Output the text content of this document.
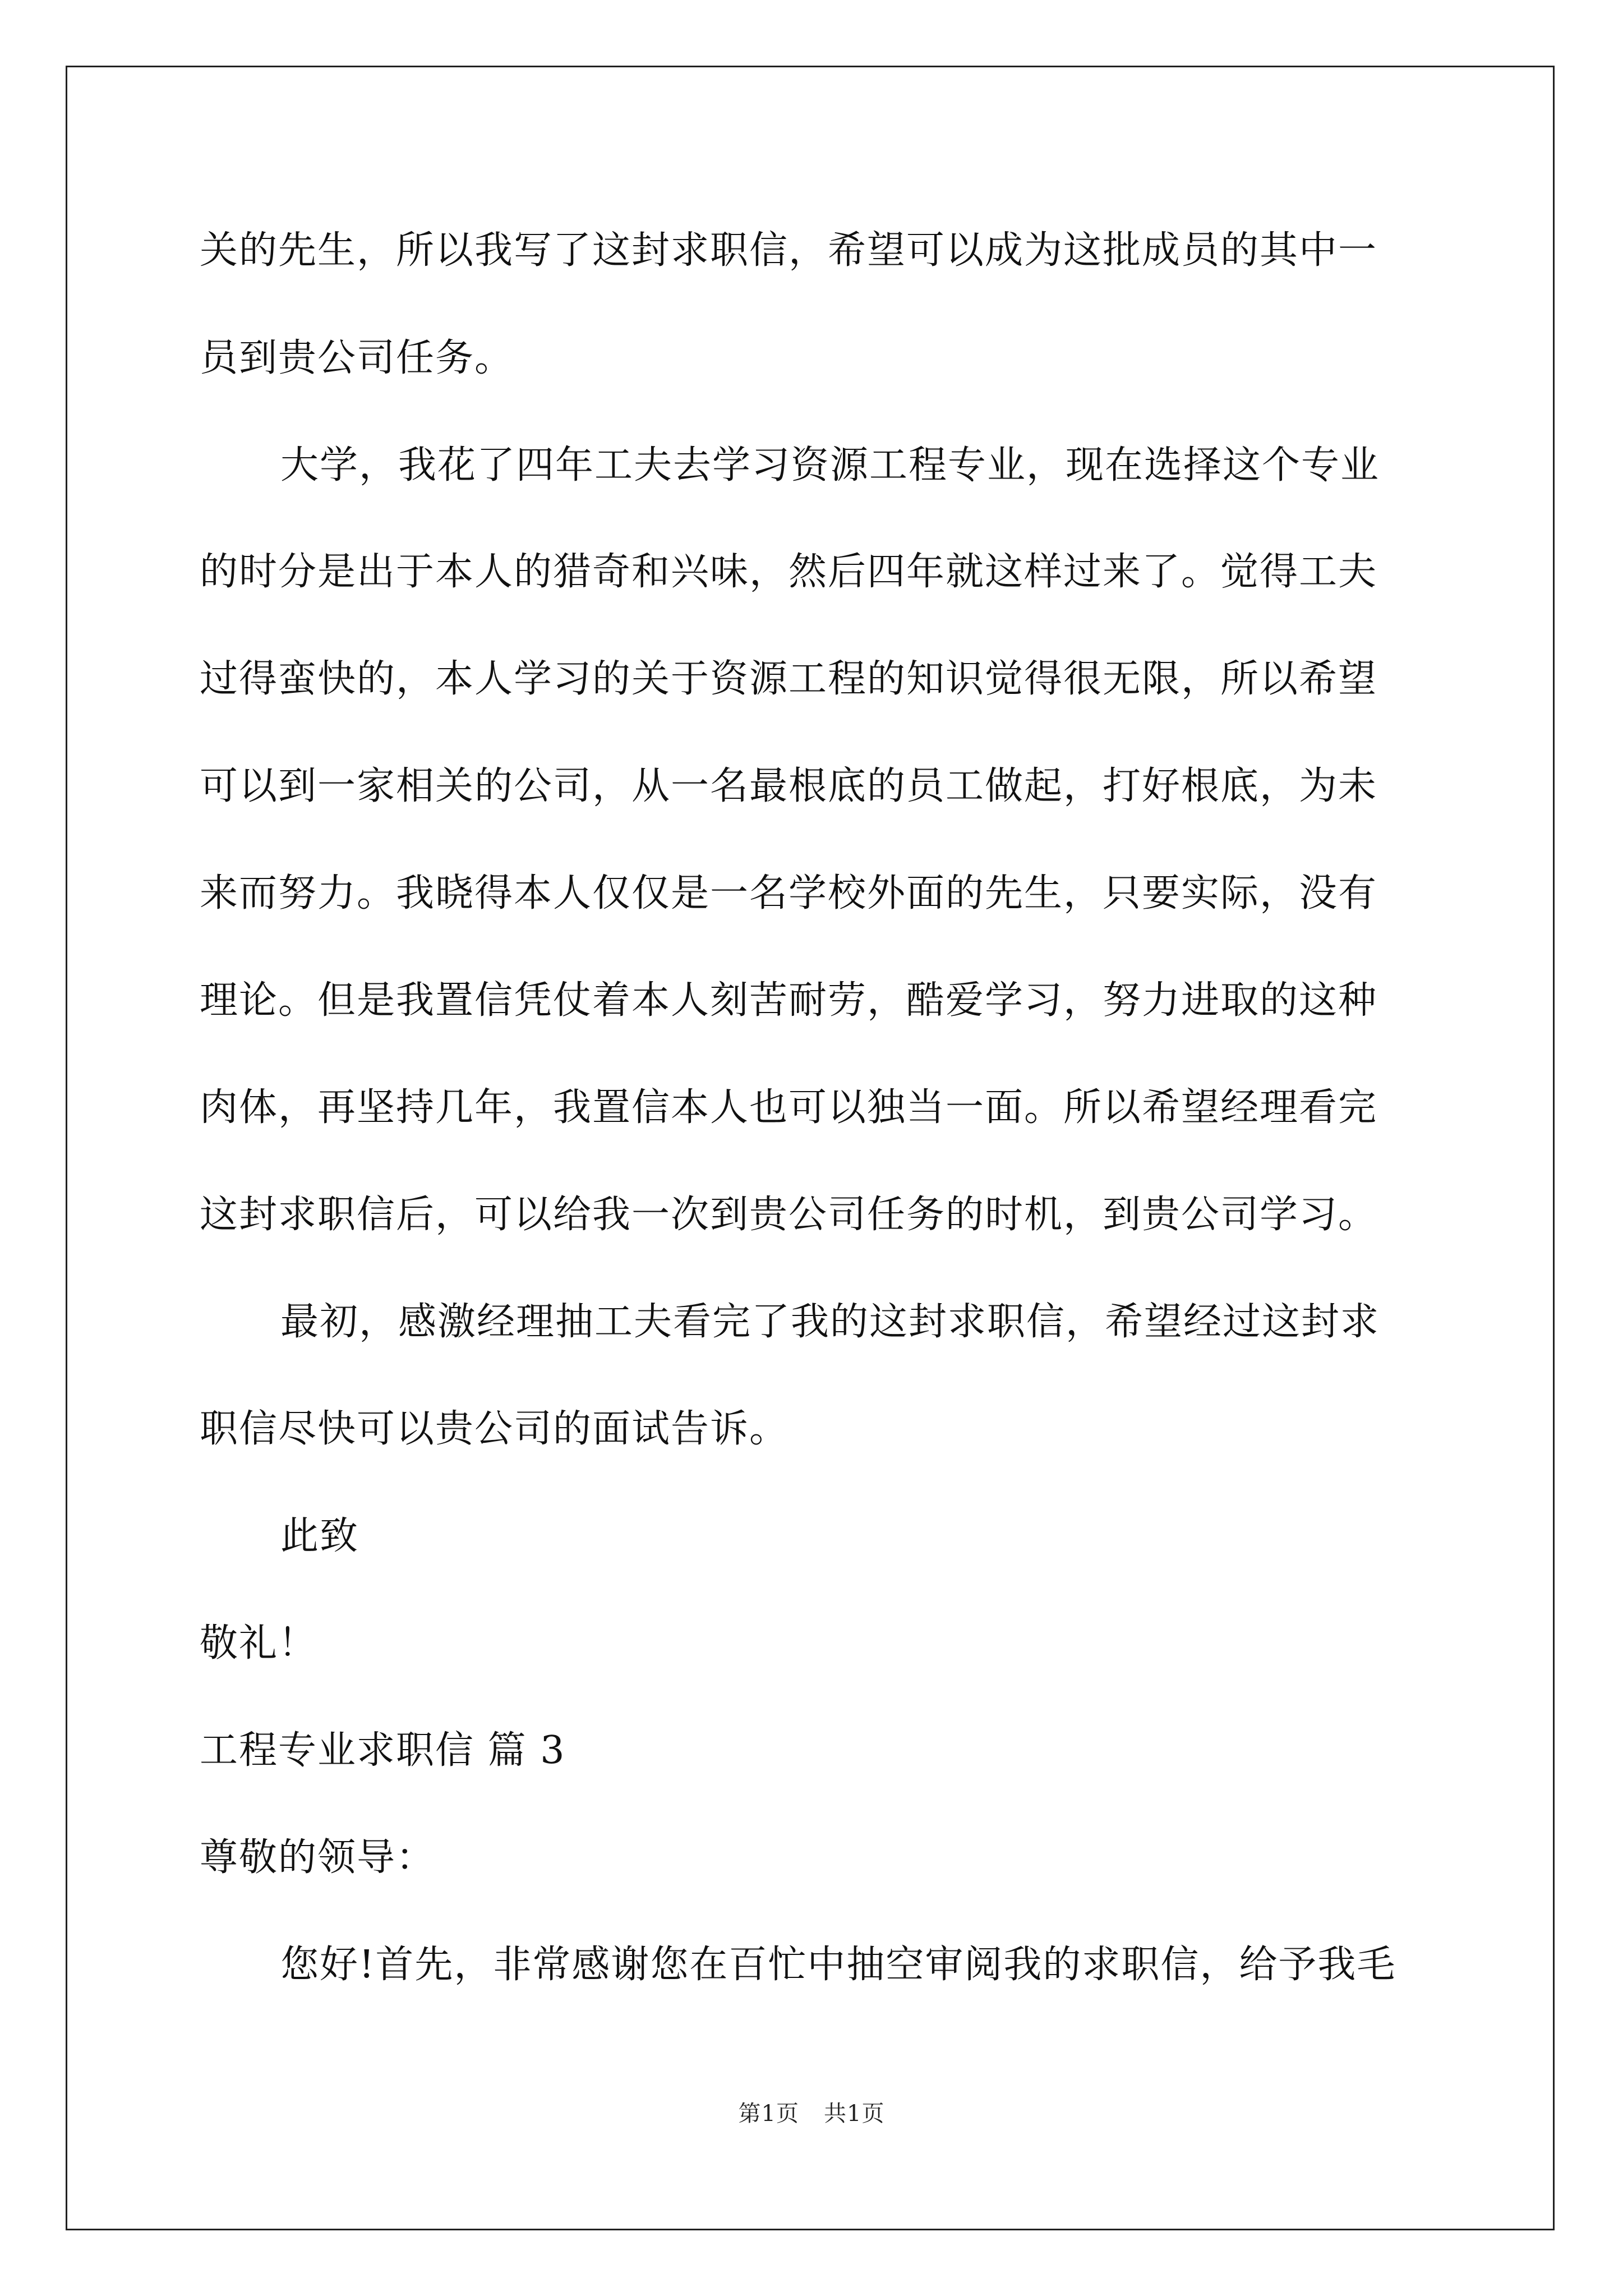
关的先生，所以我写了这封求职信，希望可以成为这批成员的其中一
员到贵公司任务。
大学，我花了四年工夫去学习资源工程专业，现在选择这个专业
的时分是出于本人的猎奇和兴味，然后四年就这样过来了。觉得工夫
过得蛮快的，本人学习的关于资源工程的知识觉得很无限，所以希望
可以到一家相关的公司，从一名最根底的员工做起，打好根底，为未
来而努力。我晓得本人仅仅是一名学校外面的先生，只要实际，没有
理论。但是我置信凭仗着本人刻苦耐劳，酷爱学习，努力进取的这种
肉体，再坚持几年，我置信本人也可以独当一面。所以希望经理看完
这封求职信后，可以给我一次到贵公司任务的时机，到贵公司学习。
最初，感激经理抽工夫看完了我的这封求职信，希望经过这封求
职信尽快可以贵公司的面试告诉。
此致
敬礼！
工程专业求职信 篇 3
尊敬的领导：
您好!首先，非常感谢您在百忙中抽空审阅我的求职信，给予我毛
第1页 共1页
